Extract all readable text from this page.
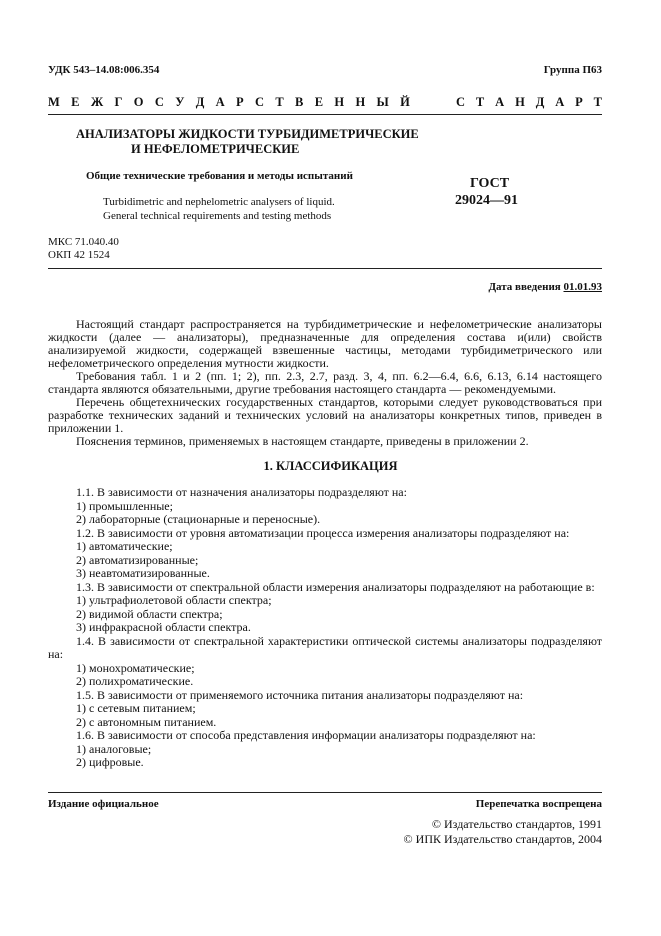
УДК 543–14.08:006.354	Группа П63
М Е Ж Г О С У Д А Р С Т В Е Н Н Ы Й	С Т А Н Д А Р Т
АНАЛИЗАТОРЫ ЖИДКОСТИ ТУРБИДИМЕТРИЧЕСКИЕ
И НЕФЕЛОМЕТРИЧЕСКИЕ
Общие технические требования и методы испытаний
Turbidimetric and nephelometric analysers of liquid.
General technical requirements and testing methods
ГОСТ
29024—91
МКС 71.040.40
ОКП 42 1524
Дата введения 01.01.93

Настоящий стандарт распространяется на турбидиметрические и нефелометрические анализаторы жидкости (далее — анализаторы), предназначенные для определения состава и(или) свойств анализируемой жидкости, содержащей взвешенные частицы, методами турбидиметрического или нефелометрического определения мутности жидкости.

Требования табл. 1 и 2 (пп. 1; 2), пп. 2.3, 2.7, разд. 3, 4, пп. 6.2—6.4, 6.6, 6.13, 6.14 настоящего стандарта являются обязательными, другие требования настоящего стандарта — рекомендуемыми.

Перечень общетехнических государственных стандартов, которыми следует руководствоваться при разработке технических заданий и технических условий на анализаторы конкретных типов, приведен в приложении 1.

Пояснения терминов, применяемых в настоящем стандарте, приведены в приложении 2.

1. КЛАССИФИКАЦИЯ

1.1. В зависимости от назначения анализаторы подразделяют на:

1) промышленные;

2) лабораторные (стационарные и переносные).

1.2. В зависимости от уровня автоматизации процесса измерения анализаторы подразделяют на:

1) автоматические;

2) автоматизированные;

3) неавтоматизированные.

1.3. В зависимости от спектральной области измерения анализаторы подразделяют на работающие в:

1) ультрафиолетовой области спектра;

2) видимой области спектра;

3) инфракрасной области спектра.

1.4. В зависимости от спектральной характеристики оптической системы анализаторы подразделяют на:

1) монохроматические;

2) полихроматические.

1.5. В зависимости от применяемого источника питания анализаторы подразделяют на:

1) с сетевым питанием;

2) с автономным питанием.

1.6. В зависимости от способа представления информации анализаторы подразделяют на:

1) аналоговые;

2) цифровые.

Издание официальное	Перепечатка воспрещена
© Издательство стандартов, 1991
© ИПК Издательство стандартов, 2004
